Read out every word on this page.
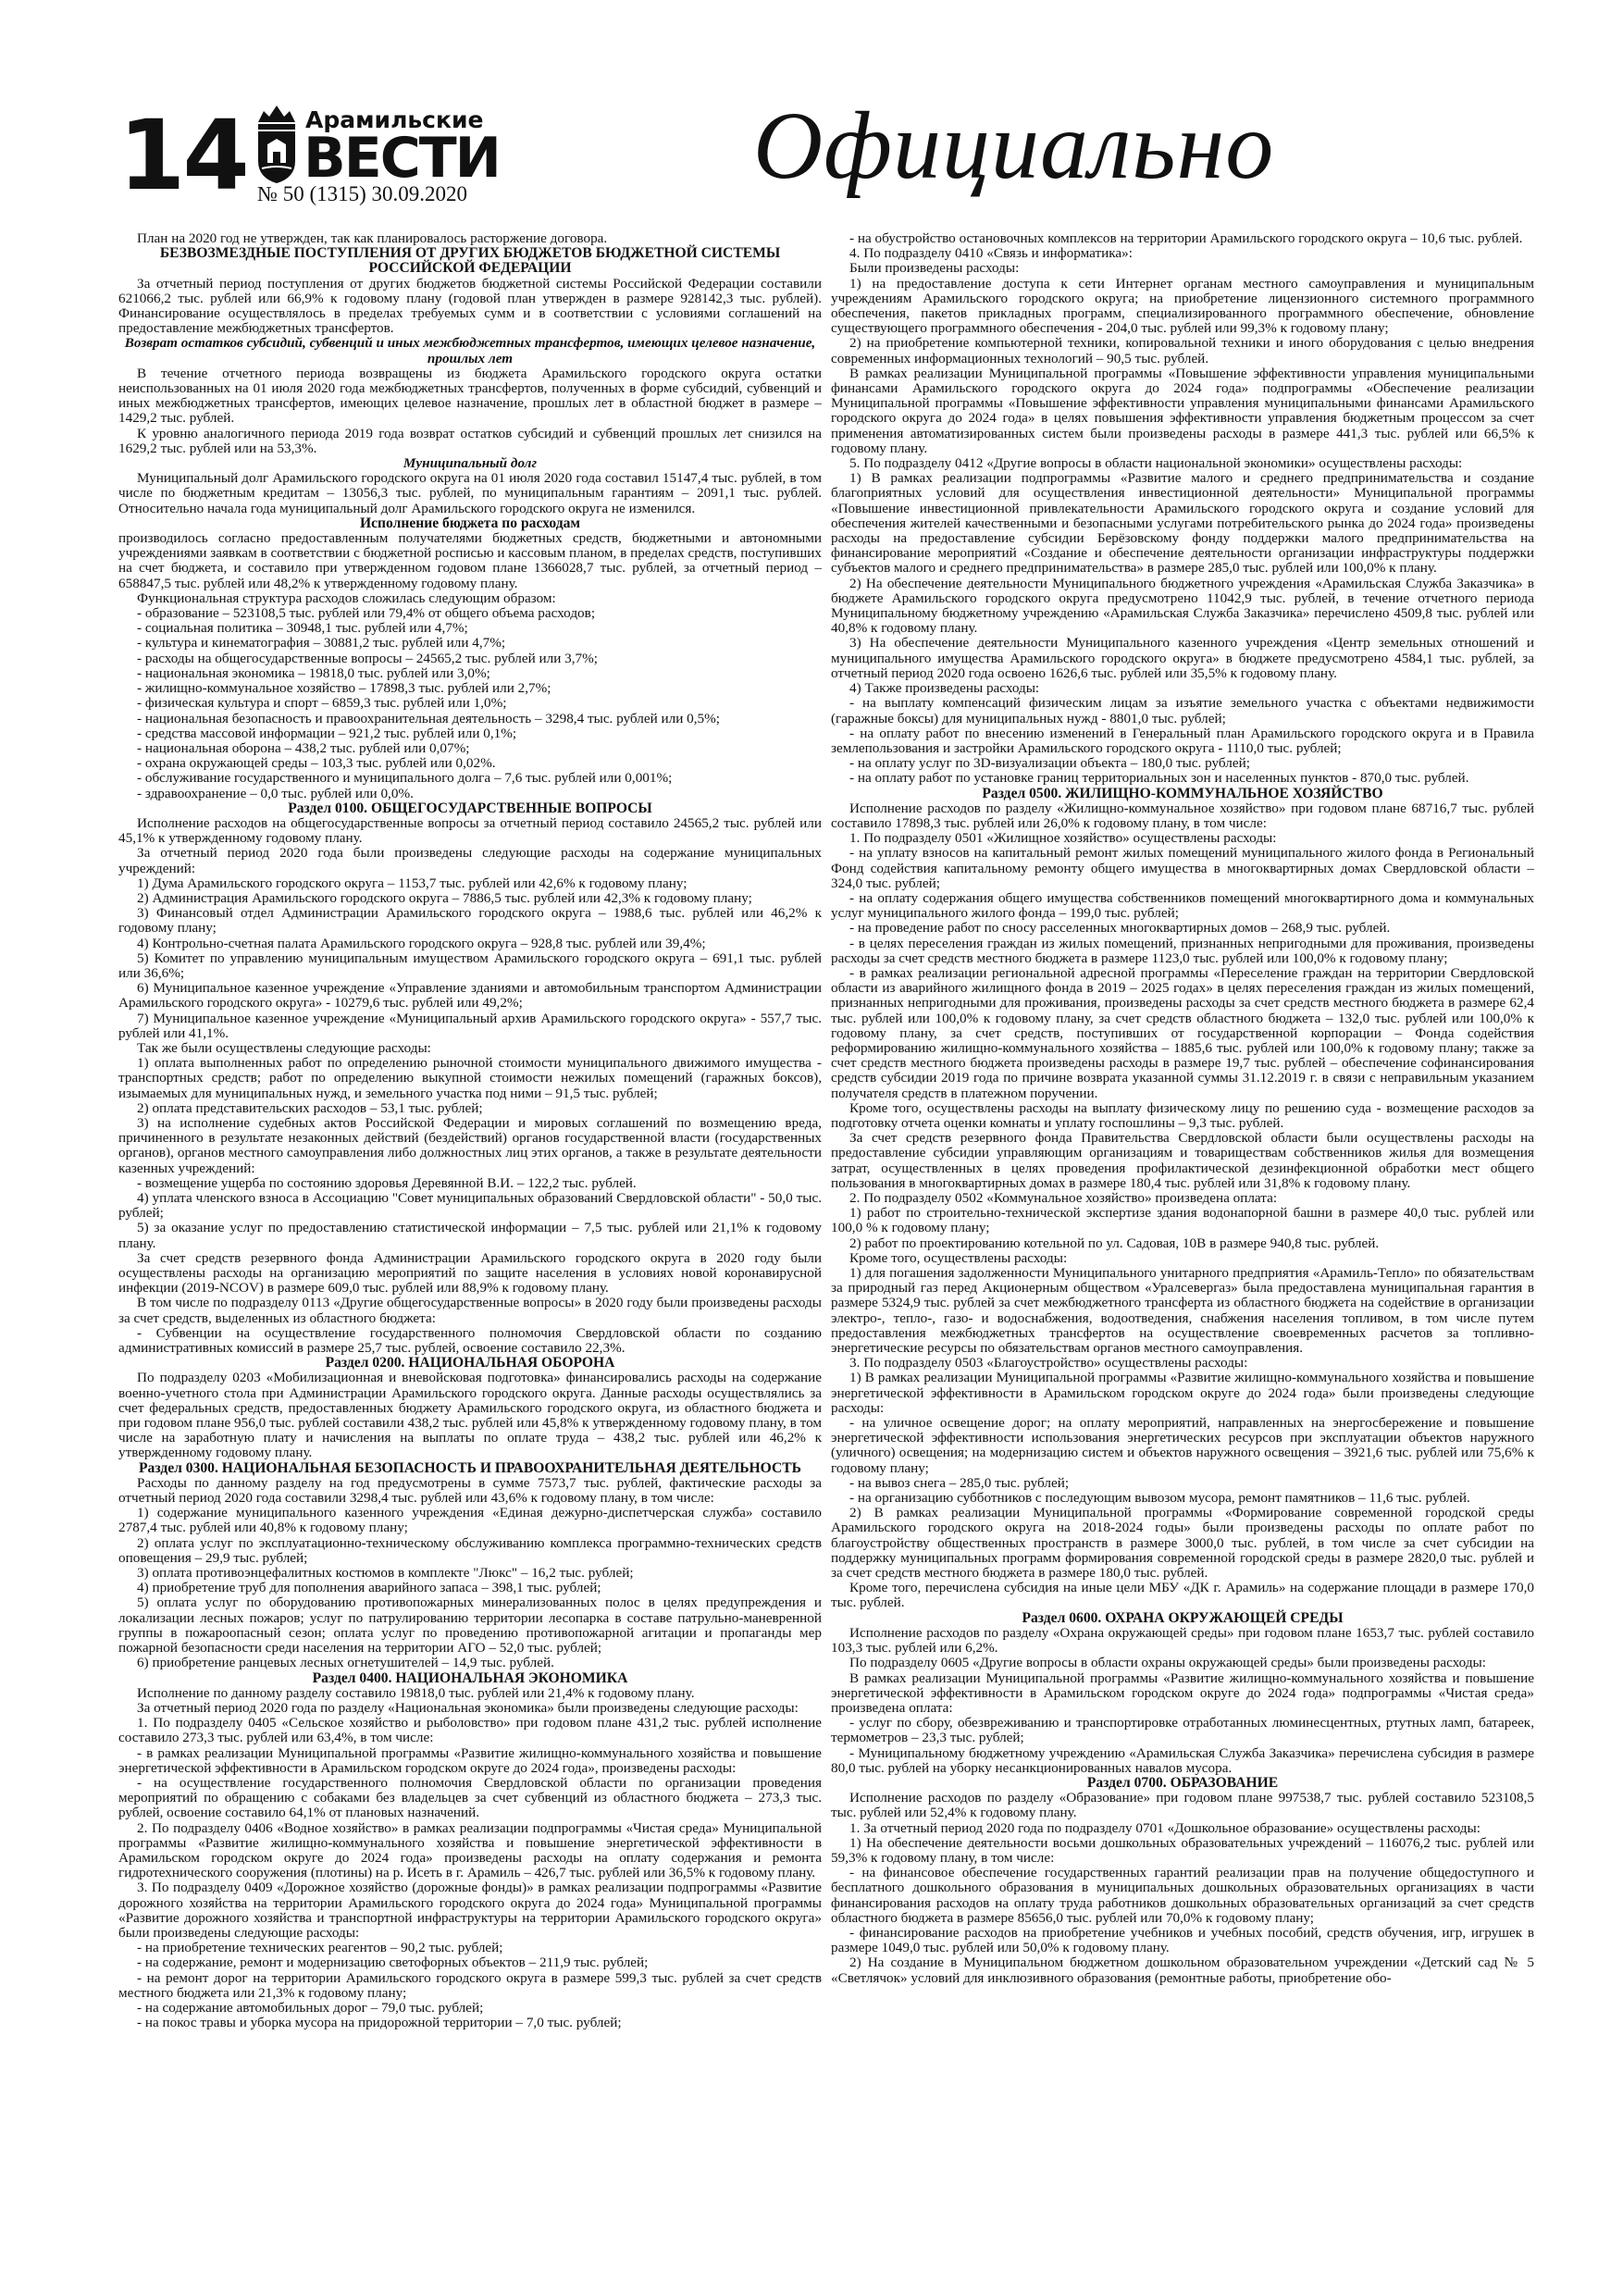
14	Арамильские
ВЕСТИ
№ 50 (1315) 30.09.2020	Официально

План на 2020 год не утвержден, так как планировалось расторжение договора.

БЕЗВОЗМЕЗДНЫЕ ПОСТУПЛЕНИЯ ОТ ДРУГИХ БЮДЖЕТОВ БЮДЖЕТНОЙ СИСТЕМЫ РОССИЙСКОЙ ФЕДЕРАЦИИ

За отчетный период поступления от других бюджетов бюджетной системы Российской Федерации составили 621066,2 тыс. рублей или 66,9% к годовому плану (годовой план утвержден в размере 928142,3 тыс. рублей). Финансирование осуществлялось в пределах требуемых сумм и в соответствии с условиями соглашений на предоставление межбюджетных трансфертов.

Возврат остатков субсидий, субвенций и иных межбюджетных трансфертов, имеющих целевое назначение, прошлых лет

В течение отчетного периода возвращены из бюджета Арамильского городского округа остатки неиспользованных на 01 июля 2020 года межбюджетных трансфертов, полученных в форме субсидий, субвенций и иных межбюджетных трансфертов, имеющих целевое назначение, прошлых лет в областной бюджет в размере – 1429,2 тыс. рублей.

К уровню аналогичного периода 2019 года возврат остатков субсидий и субвенций прошлых лет снизился на 1629,2 тыс. рублей или на 53,3%.

Муниципальный долг

Муниципальный долг Арамильского городского округа на 01 июля 2020 года составил 15147,4 тыс. рублей, в том числе по бюджетным кредитам – 13056,3 тыс. рублей, по муниципальным гарантиям – 2091,1 тыс. рублей. Относительно начала года муниципальный долг Арамильского городского округа не изменился.

Исполнение бюджета по расходам

производилось согласно предоставленным получателями бюджетных средств, бюджетными и автономными учреждениями заявкам в соответствии с бюджетной росписью и кассовым планом, в пределах средств, поступивших на счет бюджета, и составило при утвержденном годовом плане 1366028,7 тыс. рублей, за отчетный период – 658847,5 тыс. рублей или 48,2% к утвержденному годовому плану.

Функциональная структура расходов сложилась следующим образом:

- образование – 523108,5 тыс. рублей или 79,4% от общего объема расходов;
- социальная политика – 30948,1 тыс. рублей или 4,7%;
- культура и кинематография – 30881,2 тыс. рублей или 4,7%;
- расходы на общегосударственные вопросы – 24565,2 тыс. рублей или 3,7%;
- национальная экономика – 19818,0 тыс. рублей или 3,0%;
- жилищно-коммунальное хозяйство – 17898,3 тыс. рублей или 2,7%;
- физическая культура и спорт – 6859,3 тыс. рублей или 1,0%;
- национальная безопасность и правоохранительная деятельность – 3298,4 тыс. рублей или 0,5%;
- средства массовой информации – 921,2 тыс. рублей или 0,1%;
- национальная оборона – 438,2 тыс. рублей или 0,07%;
- охрана окружающей среды – 103,3 тыс. рублей или 0,02%.
- обслуживание государственного и муниципального долга – 7,6 тыс. рублей или 0,001%;
- здравоохранение – 0,0 тыс. рублей или 0,0%.
Раздел 0100. ОБЩЕГОСУДАРСТВЕННЫЕ ВОПРОСЫ

Исполнение расходов на общегосударственные вопросы за отчетный период составило 24565,2 тыс. рублей или 45,1% к утвержденному годовому плану.

За отчетный период 2020 года были произведены следующие расходы на содержание муниципальных учреждений:

1) Дума Арамильского городского округа – 1153,7 тыс. рублей или 42,6% к годовому плану;
2) Администрация Арамильского городского округа – 7886,5 тыс. рублей или 42,3% к годовому плану;
3) Финансовый отдел Администрации Арамильского городского округа – 1988,6 тыс. рублей или 46,2% к годовому плану;
4) Контрольно-счетная палата Арамильского городского округа – 928,8 тыс. рублей или 39,4%;
5) Комитет по управлению муниципальным имуществом Арамильского городского округа – 691,1 тыс. рублей или 36,6%;
6) Муниципальное казенное учреждение «Управление зданиями и автомобильным транспортом Администрации Арамильского городского округа» - 10279,6 тыс. рублей или 49,2%;
7) Муниципальное казенное учреждение «Муниципальный архив Арамильского городского округа» - 557,7 тыс. рублей или 41,1%.

Так же были осуществлены следующие расходы:

1) оплата выполненных работ по определению рыночной стоимости муниципального движимого имущества - транспортных средств; работ по определению выкупной стоимости нежилых помещений (гаражных боксов), изымаемых для муниципальных нужд, и земельного участка под ними – 91,5 тыс. рублей;
2) оплата представительских расходов – 53,1 тыс. рублей;
3) на исполнение судебных актов Российской Федерации и мировых соглашений по возмещению вреда, причиненного в результате незаконных действий (бездействий) органов государственной власти (государственных органов), органов местного самоуправления либо должностных лиц этих органов, а также в результате деятельности казенных учреждений:
- возмещение ущерба по состоянию здоровья Деревянной В.И. – 122,2 тыс. рублей.
4) уплата членского взноса в Ассоциацию "Совет муниципальных образований Свердловской области" - 50,0 тыс. рублей;
5) за оказание услуг по предоставлению статистической информации – 7,5 тыс. рублей или 21,1% к годовому плану.

За счет средств резервного фонда Администрации Арамильского городского округа в 2020 году были осуществлены расходы на организацию мероприятий по защите населения в условиях новой коронавирусной инфекции (2019-NCOV) в размере 609,0 тыс. рублей или 88,9% к годовому плану.

В том числе по подразделу 0113 «Другие общегосударственные вопросы» в 2020 году были произведены расходы за счет средств, выделенных из областного бюджета:

- Субвенции на осуществление государственного полномочия Свердловской области по созданию административных комиссий в размере 25,7 тыс. рублей, освоение составило 22,3%.

Раздел 0200. НАЦИОНАЛЬНАЯ ОБОРОНА

По подразделу 0203 «Мобилизационная и вневойсковая подготовка» финансировались расходы на содержание военно-учетного стола при Администрации Арамильского городского округа. Данные расходы осуществлялись за счет федеральных средств, предоставленных бюджету Арамильского городского округа, из областного бюджета и при годовом плане 956,0 тыс. рублей составили 438,2 тыс. рублей или 45,8% к утвержденному годовому плану, в том числе на заработную плату и начисления на выплаты по оплате труда – 438,2 тыс. рублей или 46,2% к утвержденному годовому плану.

Раздел 0300. НАЦИОНАЛЬНАЯ БЕЗОПАСНОСТЬ И ПРАВООХРАНИТЕЛЬНАЯ ДЕЯТЕЛЬНОСТЬ

Расходы по данному разделу на год предусмотрены в сумме 7573,7 тыс. рублей, фактические расходы за отчетный период 2020 года составили 3298,4 тыс. рублей или 43,6% к годовому плану, в том числе:

1) содержание муниципального казенного учреждения «Единая дежурно-диспетчерская служба» составило 2787,4 тыс. рублей или 40,8% к годовому плану;
2) оплата услуг по эксплуатационно-техническому обслуживанию комплекса программно-технических средств оповещения – 29,9 тыс. рублей;
3) оплата противоэнцефалитных костюмов в комплекте "Люкс" – 16,2 тыс. рублей;
4) приобретение труб для пополнения аварийного запаса – 398,1 тыс. рублей;
5) оплата услуг по оборудованию противопожарных минерализованных полос в целях предупреждения и локализации лесных пожаров; услуг по патрулированию территории лесопарка в составе патрульно-маневренной группы в пожароопасный сезон; оплата услуг по проведению противопожарной агитации и пропаганды мер пожарной безопасности среди населения на территории АГО – 52,0 тыс. рублей;
6) приобретение ранцевых лесных огнетушителей – 14,9 тыс. рублей.
Раздел 0400. НАЦИОНАЛЬНАЯ ЭКОНОМИКА

Исполнение по данному разделу составило 19818,0 тыс. рублей или 21,4% к годовому плану.

За отчетный период 2020 года по разделу «Национальная экономика» были произведены следующие расходы:

1. По подразделу 0405 «Сельское хозяйство и рыболовство» при годовом плане 431,2 тыс. рублей исполнение составило 273,3 тыс. рублей или 63,4%, в том числе:

- в рамках реализации Муниципальной программы «Развитие жилищно-коммунального хозяйства и повышение энергетической эффективности в Арамильском городском округе до 2024 года», произведены расходы:

- на осуществление государственного полномочия Свердловской области по организации проведения мероприятий по обращению с собаками без владельцев за счет субвенций из областного бюджета – 273,3 тыс. рублей, освоение составило 64,1% от плановых назначений.

2. По подразделу 0406 «Водное хозяйство» в рамках реализации подпрограммы «Чистая среда» Муниципальной программы «Развитие жилищно-коммунального хозяйства и повышение энергетической эффективности в Арамильском городском округе до 2024 года» произведены расходы на оплату содержания и ремонта гидротехнического сооружения (плотины) на р. Исеть в г. Арамиль – 426,7 тыс. рублей или 36,5% к годовому плану.

3. По подразделу 0409 «Дорожное хозяйство (дорожные фонды)» в рамках реализации подпрограммы «Развитие дорожного хозяйства на территории Арамильского городского округа до 2024 года» Муниципальной программы «Развитие дорожного хозяйства и транспортной инфраструктуры на территории Арамильского городского округа» были произведены следующие расходы:

- на приобретение технических реагентов – 90,2 тыс. рублей;
- на содержание, ремонт и модернизацию светофорных объектов – 211,9 тыс. рублей;
- на ремонт дорог на территории Арамильского городского округа в размере 599,3 тыс. рублей за счет средств местного бюджета или 21,3% к годовому плану;
- на содержание автомобильных дорог – 79,0 тыс. рублей;
- на покос травы и уборка мусора на придорожной территории – 7,0 тыс. рублей;

- на обустройство остановочных комплексов на территории Арамильского городского округа – 10,6 тыс. рублей.

4. По подразделу 0410 «Связь и информатика»:

Были произведены расходы:

1) на предоставление доступа к сети Интернет органам местного самоуправления и муниципальным учреждениям Арамильского городского округа; на приобретение лицензионного системного программного обеспечения, пакетов прикладных программ, специализированного программного обеспечение, обновление существующего программного обеспечения - 204,0 тыс. рублей или 99,3% к годовому плану;

2) на приобретение компьютерной техники, копировальной техники и иного оборудования с целью внедрения современных информационных технологий – 90,5 тыс. рублей.

В рамках реализации Муниципальной программы «Повышение эффективности управления муниципальными финансами Арамильского городского округа до 2024 года» подпрограммы «Обеспечение реализации Муниципальной программы «Повышение эффективности управления муниципальными финансами Арамильского городского округа до 2024 года» в целях повышения эффективности управления бюджетным процессом за счет применения автоматизированных систем были произведены расходы в размере 441,3 тыс. рублей или 66,5% к годовому плану.

5. По подразделу 0412 «Другие вопросы в области национальной экономики» осуществлены расходы:

1) В рамках реализации подпрограммы «Развитие малого и среднего предпринимательства и создание благоприятных условий для осуществления инвестиционной деятельности» Муниципальной программы «Повышение инвестиционной привлекательности Арамильского городского округа и создание условий для обеспечения жителей качественными и безопасными услугами потребительского рынка до 2024 года» произведены расходы на предоставление субсидии Берёзовскому фонду поддержки малого предпринимательства на финансирование мероприятий «Создание и обеспечение деятельности организации инфраструктуры поддержки субъектов малого и среднего предпринимательства» в размере 285,0 тыс. рублей или 100,0% к плану.

2) На обеспечение деятельности Муниципального бюджетного учреждения «Арамильская Служба Заказчика» в бюджете Арамильского городского округа предусмотрено 11042,9 тыс. рублей, в течение отчетного периода Муниципальному бюджетному учреждению «Арамильская Служба Заказчика» перечислено 4509,8 тыс. рублей или 40,8% к годовому плану.

3) На обеспечение деятельности Муниципального казенного учреждения «Центр земельных отношений и муниципального имущества Арамильского городского округа» в бюджете предусмотрено 4584,1 тыс. рублей, за отчетный период 2020 года освоено 1626,6 тыс. рублей или 35,5% к годовому плану.

4) Также произведены расходы:

- на выплату компенсаций физическим лицам за изъятие земельного участка с объектами недвижимости (гаражные боксы) для муниципальных нужд - 8801,0 тыс. рублей;
- на оплату работ по внесению изменений в Генеральный план Арамильского городского округа и в Правила землепользования и застройки Арамильского городского округа - 1110,0 тыс. рублей;
- на оплату услуг по 3D-визуализации объекта – 180,0 тыс. рублей;
- на оплату работ по установке границ территориальных зон и населенных пунктов - 870,0 тыс. рублей.
Раздел 0500. ЖИЛИЩНО-КОММУНАЛЬНОЕ ХОЗЯЙСТВО

Исполнение расходов по разделу «Жилищно-коммунальное хозяйство» при годовом плане 68716,7 тыс. рублей составило 17898,3 тыс. рублей или 26,0% к годовому плану, в том числе:

1. По подразделу 0501 «Жилищное хозяйство» осуществлены расходы:

- на уплату взносов на капитальный ремонт жилых помещений муниципального жилого фонда в Региональный Фонд содействия капитальному ремонту общего имущества в многоквартирных домах Свердловской области – 324,0 тыс. рублей;
- на оплату содержания общего имущества собственников помещений многоквартирного дома и коммунальных услуг муниципального жилого фонда – 199,0 тыс. рублей;
- на проведение работ по сносу расселенных многоквартирных домов – 268,9 тыс. рублей.
- в целях переселения граждан из жилых помещений, признанных непригодными для проживания, произведены расходы за счет средств местного бюджета в размере 1123,0 тыс. рублей или 100,0% к годовому плану;
- в рамках реализации региональной адресной программы «Переселение граждан на территории Свердловской области из аварийного жилищного фонда в 2019 – 2025 годах» в целях переселения граждан из жилых помещений, признанных непригодными для проживания, произведены расходы за счет средств местного бюджета в размере 62,4 тыс. рублей или 100,0% к годовому плану, за счет средств областного бюджета – 132,0 тыс. рублей или 100,0% к годовому плану, за счет средств, поступивших от государственной корпорации – Фонда содействия реформированию жилищно-коммунального хозяйства – 1885,6 тыс. рублей или 100,0% к годовому плану; также за счет средств местного бюджета произведены расходы в размере 19,7 тыс. рублей – обеспечение софинансирования средств субсидии 2019 года по причине возврата указанной суммы 31.12.2019 г. в связи с неправильным указанием получателя средств в платежном поручении.

Кроме того, осуществлены расходы на выплату физическому лицу по решению суда - возмещение расходов за подготовку отчета оценки комнаты и уплату госпошлины – 9,3 тыс. рублей.

За счет средств резервного фонда Правительства Свердловской области были осуществлены расходы на предоставление субсидии управляющим организациям и товариществам собственников жилья для возмещения затрат, осуществленных в целях проведения профилактической дезинфекционной обработки мест общего пользования в многоквартирных домах в размере 180,4 тыс. рублей или 31,8% к годовому плану.

2. По подразделу 0502 «Коммунальное хозяйство» произведена оплата:

1) работ по строительно-технической экспертизе здания водонапорной башни в размере 40,0 тыс. рублей или 100,0 % к годовому плану;

2) работ по проектированию котельной по ул. Садовая, 10В в размере 940,8 тыс. рублей.

Кроме того, осуществлены расходы:

1) для погашения задолженности Муниципального унитарного предприятия «Арамиль-Тепло» по обязательствам за природный газ перед Акционерным обществом «Уралсевергаз» была предоставлена муниципальная гарантия в размере 5324,9 тыс. рублей за счет межбюджетного трансферта из областного бюджета на содействие в организации электро-, тепло-, газо- и водоснабжения, водоотведения, снабжения населения топливом, в том числе путем предоставления межбюджетных трансфертов на осуществление своевременных расчетов за топливно-энергетические ресурсы по обязательствам органов местного самоуправления.

3. По подразделу 0503 «Благоустройство» осуществлены расходы:

1) В рамках реализации Муниципальной программы «Развитие жилищно-коммунального хозяйства и повышение энергетической эффективности в Арамильском городском округе до 2024 года» были произведены следующие расходы:

- на уличное освещение дорог; на оплату мероприятий, направленных на энергосбережение и повышение энергетической эффективности использования энергетических ресурсов при эксплуатации объектов наружного (уличного) освещения; на модернизацию систем и объектов наружного освещения – 3921,6 тыс. рублей или 75,6% к годовому плану;
- на вывоз снега – 285,0 тыс. рублей;
- на организацию субботников с последующим вывозом мусора, ремонт памятников – 11,6 тыс. рублей.

2) В рамках реализации Муниципальной программы «Формирование современной городской среды Арамильского городского округа на 2018-2024 годы» были произведены расходы по оплате работ по благоустройству общественных пространств в размере 3000,0 тыс. рублей, в том числе за счет субсидии на поддержку муниципальных программ формирования современной городской среды в размере 2820,0 тыс. рублей и за счет средств местного бюджета в размере 180,0 тыс. рублей.

Кроме того, перечислена субсидия на иные цели МБУ «ДК г. Арамиль» на содержание площади в размере 170,0 тыс. рублей.

Раздел 0600. ОХРАНА ОКРУЖАЮЩЕЙ СРЕДЫ

Исполнение расходов по разделу «Охрана окружающей среды» при годовом плане 1653,7 тыс. рублей составило 103,3 тыс. рублей или 6,2%.

По подразделу 0605 «Другие вопросы в области охраны окружающей среды» были произведены расходы:

В рамках реализации Муниципальной программы «Развитие жилищно-коммунального хозяйства и повышение энергетической эффективности в Арамильском городском округе до 2024 года» подпрограммы «Чистая среда» произведена оплата:

- услуг по сбору, обезвреживанию и транспортировке отработанных люминесцентных, ртутных ламп, батареек, термометров – 23,3 тыс. рублей;

- Муниципальному бюджетному учреждению «Арамильская Служба Заказчика» перечислена субсидия в размере 80,0 тыс. рублей на уборку несанкционированных навалов мусора.

Раздел 0700. ОБРАЗОВАНИЕ

Исполнение расходов по разделу «Образование» при годовом плане 997538,7 тыс. рублей составило 523108,5 тыс. рублей или 52,4% к годовому плану.

1. За отчетный период 2020 года по подразделу 0701 «Дошкольное образование» осуществлены расходы:

1) На обеспечение деятельности восьми дошкольных образовательных учреждений – 116076,2 тыс. рублей или 59,3% к годовому плану, в том числе:

- на финансовое обеспечение государственных гарантий реализации прав на получение общедоступного и бесплатного дошкольного образования в муниципальных дошкольных образовательных организациях в части финансирования расходов на оплату труда работников дошкольных образовательных организаций за счет средств областного бюджета в размере 85656,0 тыс. рублей или 70,0% к годовому плану;

- финансирование расходов на приобретение учебников и учебных пособий, средств обучения, игр, игрушек в размере 1049,0 тыс. рублей или 50,0% к годовому плану.

2) На создание в Муниципальном бюджетном дошкольном образовательном учреждении «Детский сад № 5 «Светлячок» условий для инклюзивного образования (ремонтные работы, приобретение обо-
